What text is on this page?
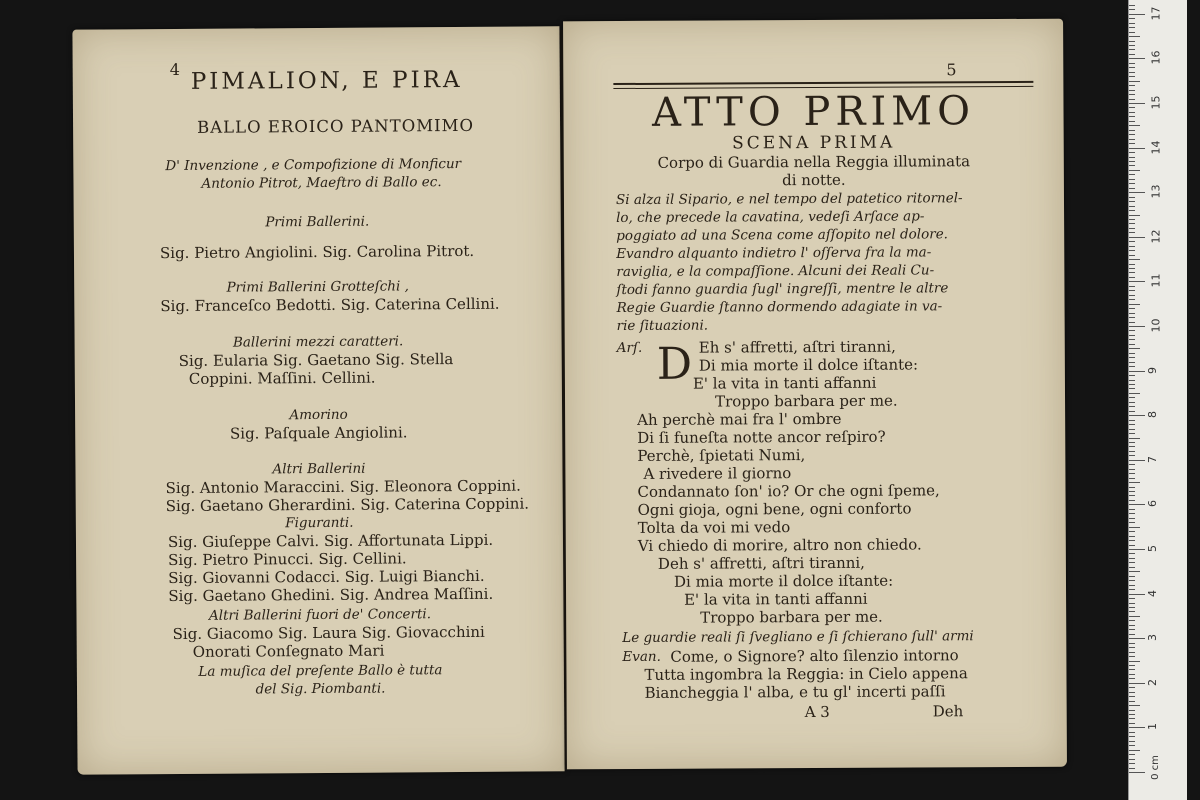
4 PIMALION, E PIRA
BALLO EROICO PANTOMIMO
D' Invenzione , e Compofizione di Monficur
Antonio Pitrot, Maeftro di Ballo ec.
Primi Ballerini.
Sig. Pietro Angiolini. Sig. Carolina Pitrot.
Primi Ballerini Grotteſchi ,
Sig. Franceſco Bedotti. Sig. Caterina Cellini.
Ballerini mezzi caratteri.
Sig. Eularia Sig. Gaetano Sig. Stella
Coppini. Maſſini. Cellini.
Amorino
Sig. Paſquale Angiolini.
Altri Ballerini
Sig. Antonio Maraccini. Sig. Eleonora Coppini.
Sig. Gaetano Gherardini. Sig. Caterina Coppini.
Figuranti.
Sig. Giuſeppe Calvi. Sig. Affortunata Lippi.
Sig. Pietro Pinucci. Sig. Cellini.
Sig. Giovanni Codacci. Sig. Luigi Bianchi.
Sig. Gaetano Ghedini. Sig. Andrea Maſſini.
Altri Ballerini fuori de' Concerti.
Sig. Giacomo Sig. Laura Sig. Giovacchini
Onorati Conſegnato Mari
La muſica del preſente Ballo è tutta
del Sig. Piombanti.
5
ATTO PRIMO
SCENA PRIMA
Corpo di Guardia nella Reggia illuminata
di notte.
Si alza il Sipario, e nel tempo del patetico ritornel-
lo, che precede la cavatina, vedeſi Arſace ap-
poggiato ad una Scena come aſſopito nel dolore.
Evandro alquanto indietro l' oſſerva fra la ma-
raviglia, e la compaſſione. Alcuni dei Reali Cu-
ſtodi fanno guardia ſugl' ingreſſi, mentre le altre
Regie Guardie ſtanno dormendo adagiate in va-
rie ſituazioni.
Arſ. D Eh s' affretti, aſtri tiranni,
Di mia morte il dolce iſtante:
E' la vita in tanti affanni
Troppo barbara per me.
Ah perchè mai fra l' ombre
Di ſi funeſta notte ancor reſpiro?
Perchè, ſpietati Numi,
A rivedere il giorno
Condannato ſon' io? Or che ogni ſpeme,
Ogni gioja, ogni bene, ogni conforto
Tolta da voi mi vedo
Vi chiedo di morire, altro non chiedo.
Deh s' affretti, aſtri tiranni,
Di mia morte il dolce iſtante:
E' la vita in tanti affanni
Troppo barbara per me.
Le guardie reali ſi ſvegliano e ſi ſchierano ſull' armi
Evan. Come, o Signore? alto ſilenzio intorno
Tutta ingombra la Reggia: in Cielo appena
Biancheggia l' alba, e tu gl' incerti paſſi
A 3	Deh
0 cm
1
2
3
4
5
6
7
8
9
10
11
12
13
14
15
16
17
